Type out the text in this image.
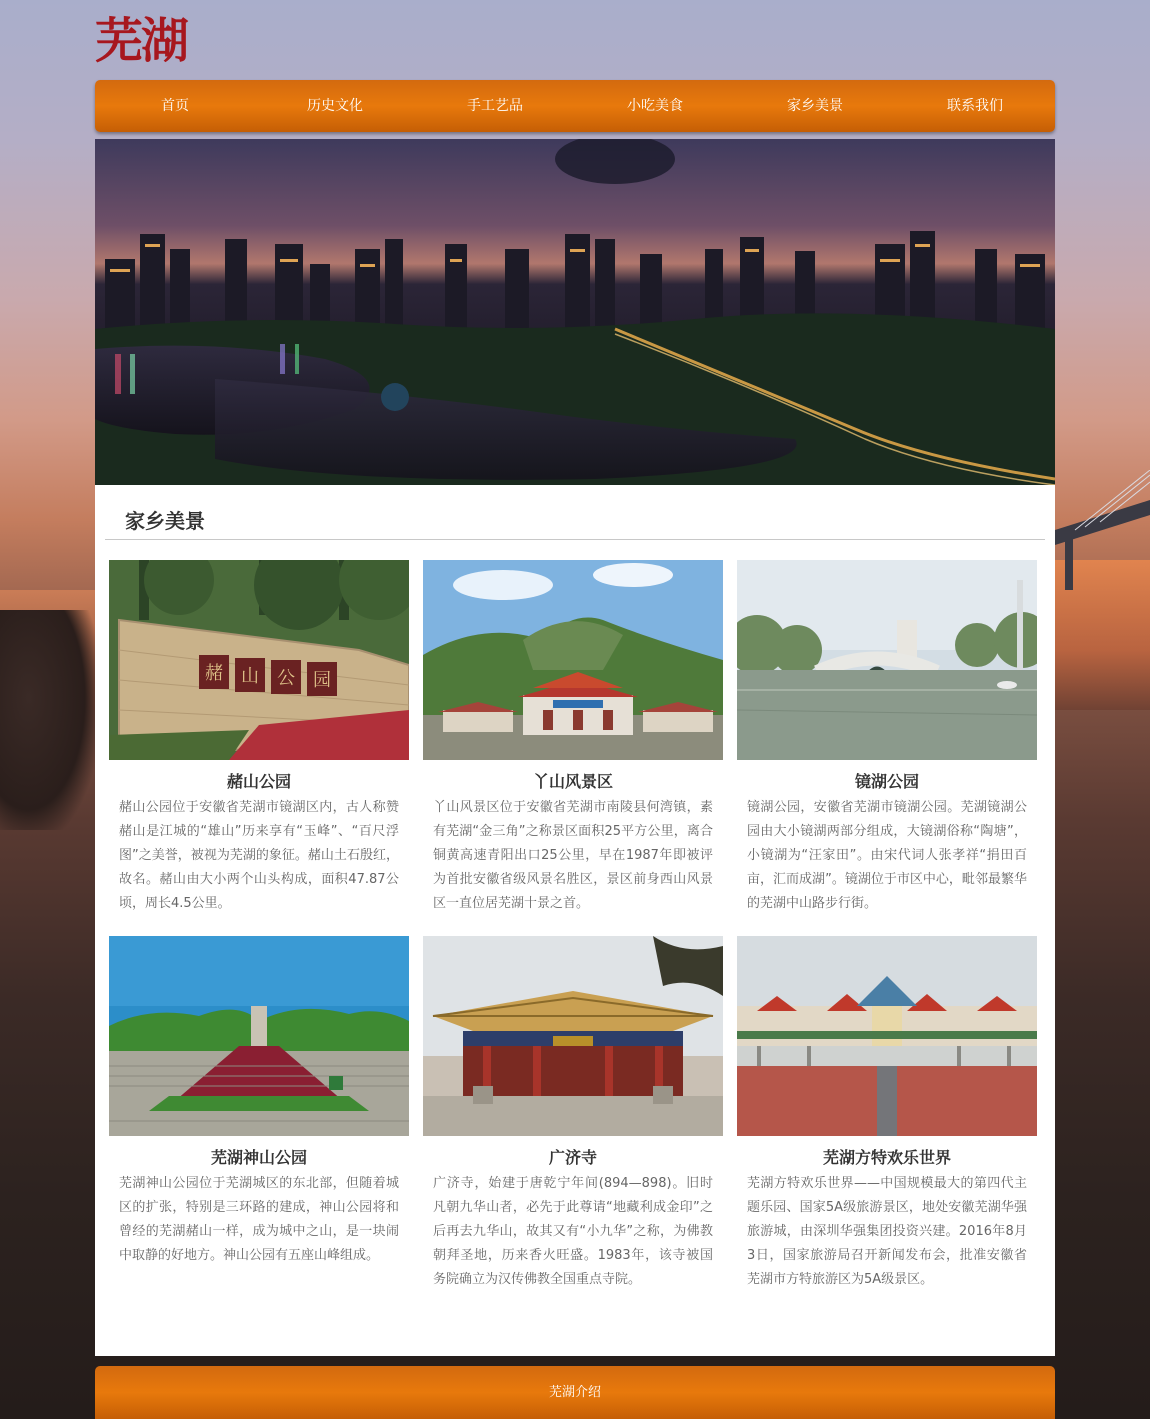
芜湖
首页	历史文化	手工艺品	小吃美食	家乡美景	联系我们
家乡美景
赭 山 公 园
赭山公园
赭山公园位于安徽省芜湖市镜湖区内，古人称赞赭山是江城的“雄山”历来享有“玉峰”、“百尺浮图”之美誉，被视为芜湖的象征。赭山土石殷红，故名。赭山由大小两个山头构成，面积47.87公顷，周长4.5公里。
丫山风景区
丫山风景区位于安徽省芜湖市南陵县何湾镇，素有芜湖“金三角”之称景区面积25平方公里，离合铜黄高速青阳出口25公里，早在1987年即被评为首批安徽省级风景名胜区，景区前身西山风景区一直位居芜湖十景之首。
镜湖公园
镜湖公园，安徽省芜湖市镜湖公园。芜湖镜湖公园由大小镜湖两部分组成，大镜湖俗称“陶塘”，小镜湖为“汪家田”。由宋代词人张孝祥“捐田百亩，汇而成湖”。镜湖位于市区中心，毗邻最繁华的芜湖中山路步行街。
芜湖神山公园
芜湖神山公园位于芜湖城区的东北部，但随着城区的扩张，特别是三环路的建成，神山公园将和曾经的芜湖赭山一样，成为城中之山，是一块闹中取静的好地方。神山公园有五座山峰组成。
广济寺
广济寺，始建于唐乾宁年间(894—898)。旧时凡朝九华山者，必先于此尊请“地藏利成金印”之后再去九华山，故其又有“小九华”之称，为佛教朝拜圣地，历来香火旺盛。1983年，该寺被国务院确立为汉传佛教全国重点寺院。
芜湖方特欢乐世界
芜湖方特欢乐世界——中国规模最大的第四代主题乐园、国家5A级旅游景区，地处安徽芜湖华强旅游城，由深圳华强集团投资兴建。2016年8月3日，国家旅游局召开新闻发布会，批准安徽省芜湖市方特旅游区为5A级景区。
芜湖介绍
